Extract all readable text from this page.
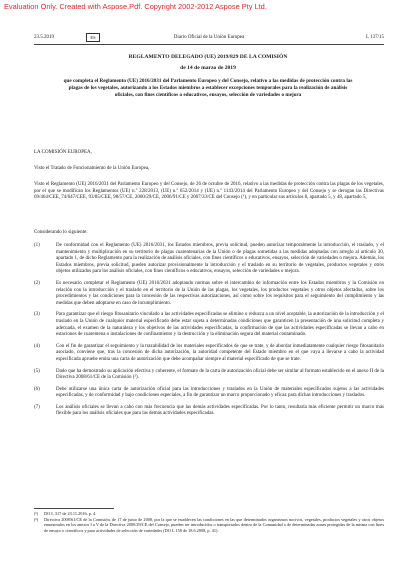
Evaluation Only. Created with Aspose.Pdf. Copyright 2002-2012 Aspose Pty Ltd.
23.5.2019	ES	Diario Oficial de la Unión Europea	L 137/15
REGLAMENTO DELEGADO (UE) 2019/829 DE LA COMISIÓN
de 14 de marzo de 2019
que completa el Reglamento (UE) 2016/2031 del Parlamento Europeo y del Consejo, relativo a las medidas de protección contra las plagas de los vegetales, autorizando a los Estados miembros a establecer excepciones temporales para la realización de análisis oficiales, con fines científicos o educativos, ensayos, selección de variedades o mejora
LA COMISIÓN EUROPEA,
Visto el Tratado de Funcionamiento de la Unión Europea,
Visto el Reglamento (UE) 2016/2031 del Parlamento Europeo y del Consejo, de 26 de octubre de 2016, relativo a las medidas de protección contra las plagas de los vegetales, por el que se modifican los Reglamentos (UE) n.º 228/2013, (UE) n.º 652/2014 y (UE) n.º 1143/2014 del Parlamento Europeo y del Consejo y se derogan las Directivas 69/464/CEE, 74/647/CEE, 93/85/CEE, 98/57/CE, 2000/29/CE, 2006/91/CE y 2007/33/CE del Consejo (¹), y en particular sus artículos 8, apartado 5, y 48, apartado 5,
Considerando lo siguiente:
(1)	De conformidad con el Reglamento (UE) 2016/2031, los Estados miembros, previa solicitud, pueden autorizar temporalmente la introducción, el traslado, y el mantenimiento y multiplicación en su territorio de plagas cuarentenarias de la Unión o de plagas sometidas a las medidas adoptadas con arreglo al artículo 30, apartado 1, de dicho Reglamento para la realización de análisis oficiales, con fines científicos o educativos, ensayos, selección de variedades o mejora. Además, los Estados miembros, previa solicitud, pueden autorizar provisionalmente la introducción y el traslado en su territorio de vegetales, productos vegetales y otros objetos utilizados para los análisis oficiales, con fines científicos o educativos, ensayos, selección de variedades o mejora.
(2)	Es necesario completar el Reglamento (UE) 2016/2031 adoptando normas sobre el intercambio de información entre los Estados miembros y la Comisión en relación con la introducción y el traslado en el territorio de la Unión de las plagas, los vegetales, los productos vegetales y otros objetos afectados, sobre los procedimientos y las condiciones para la concesión de las respectivas autorizaciones, así como sobre los requisitos para el seguimiento del cumplimiento y las medidas que deben adoptarse en caso de incumplimiento.
(3)	Para garantizar que el riesgo fitosanitario vinculado a las actividades especificadas se elimine o reduzca a un nivel aceptable, la autorización de la introducción y el traslado en la Unión de cualquier material especificado debe estar sujeta a determinadas condiciones que garanticen la presentación de una solicitud completa y adecuada, el examen de la naturaleza y los objetivos de las actividades especificadas, la confirmación de que las actividades especificadas se llevan a cabo en estaciones de cuarentena o instalaciones de confinamiento y la destrucción y la eliminación segura del material contaminado.
(4)	Con el fin de garantizar el seguimiento y la trazabilidad de los materiales especificados de que se trate, y de abordar inmediatamente cualquier riesgo fitosanitario asociado, conviene que, tras la concesión de dicha autorización, la autoridad competente del Estado miembro en el que vaya a llevarse a cabo la actividad especificada apruebe emita una carta de autorización que debe acompañar siempre al material especificado de que se trate.
(5)	Dado que ha demostrado su aplicación efectiva y coherente, el formato de la carta de autorización oficial debe ser similar al formato establecido en el anexo II de la Directiva 2008/61/CE de la Comisión (²).
(6)	Debe utilizarse una única carta de autorización oficial para las introducciones y traslados en la Unión de materiales especificados sujetos a las actividades especificadas, y de conformidad y bajo condiciones especiales, a fin de garantizar un marco proporcionado y eficaz para dichas introducciones y traslados.
(7)	Los análisis oficiales se llevan a cabo con más frecuencia que las demás actividades especificadas. Por lo tanto, resultaría más eficiente permitir un marco más flexible para los análisis oficiales que para las demás actividades especificadas.
(¹) DO L 317 de 23.11.2016, p. 4.
(²) Directiva 2008/61/CE de la Comisión, de 17 de junio de 2008, por la que se establecen las condiciones en las que determinados organismos nocivos, vegetales, productos vegetales y otros objetos enumerados en los anexos I a V de la Directiva 2000/29/CE del Consejo, pueden ser introducidos o transportados dentro de la Comunidad o de determinadas zonas protegidas de la misma con fines de ensayo o científicos y para actividades de selección de variedades (DO L 158 de 18.6.2008, p. 41).
